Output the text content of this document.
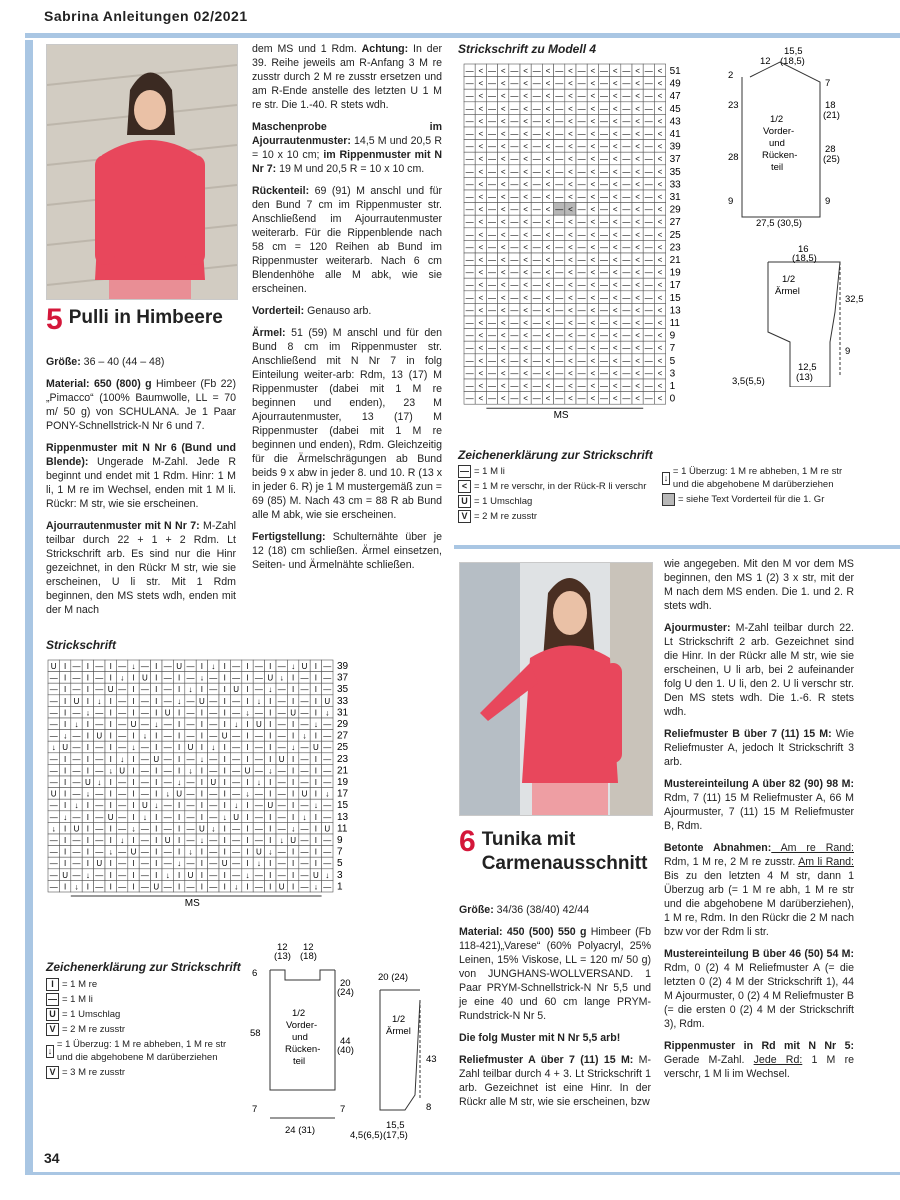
Sabrina Anleitungen 02/2021
34
5 Pulli in Himbeere

Größe: 36 – 40 (44 – 48)

Material: 650 (800) g Himbeer (Fb 22) „Pimacco“ (100% Baumwolle, LL = 70 m/ 50 g) von SCHULANA. Je 1 Paar PONY-Schnellstrick-N Nr 6 und 7.

Rippenmuster mit N Nr 6 (Bund und Blende): Ungerade M-Zahl. Jede R beginnt und endet mit 1 Rdm. Hinr: 1 M li, 1 M re im Wechsel, enden mit 1 M li. Rückr: M str, wie sie erscheinen.

Ajourrautenmuster mit N Nr 7: M-Zahl teilbar durch 22 + 1 + 2 Rdm. Lt Strickschrift arb. Es sind nur die Hinr gezeichnet, in den Rückr M str, wie sie erscheinen, U li str. Mit 1 Rdm beginnen, den MS stets wdh, enden mit der M nach

dem MS und 1 Rdm. Achtung: In der 39. Reihe jeweils am R-Anfang 3 M re zusstr durch 2 M re zusstr ersetzen und am R-Ende anstelle des letzten U 1 M re str. Die 1.-40. R stets wdh.

Maschenprobe im Ajourrautenmuster: 14,5 M und 20,5 R = 10 x 10 cm; im Rippenmuster mit N Nr 7: 19 M und 20,5 R = 10 x 10 cm.

Rückenteil: 69 (91) M anschl und für den Bund 7 cm im Rippenmuster str. Anschließend im Ajourrautenmuster weiterarb. Für die Rippenblende nach 58 cm = 120 Reihen ab Bund im Rippenmuster weiterarb. Nach 6 cm Blendenhöhe alle M abk, wie sie erscheinen.

Vorderteil: Genauso arb.

Ärmel: 51 (59) M anschl und für den Bund 8 cm im Rippenmuster str. Anschließend mit N Nr 7 in folg Einteilung weiter-arb: Rdm, 13 (17) M Rippenmuster (dabei mit 1 M re beginnen und enden), 23 M Ajourrautenmuster, 13 (17) M Rippenmuster (dabei mit 1 M re beginnen und enden), Rdm. Gleichzeitig für die Ärmelschrägungen ab Bund beids 9 x abw in jeder 8. und 10. R (13 x in jeder 6. R) je 1 M mustergemäß zun = 69 (85) M. Nach 43 cm = 88 R ab Bund alle M abk, wie sie erscheinen.

Fertigstellung: Schulternähte über je 12 (18) cm schließen. Ärmel einsetzen, Seiten- und Ärmelnähte schließen.

Strickschrift
U I — I — I — ↓ — I — U — I ↓ I — I — I — ↓ U I — 39
— I — I — I ↓ I U I — I — ↓ — I — I — U ↓ I — I — 37
— I — I — U — I — I — I ↓ I — I U I — ↓ — I — I — 35
— I U I ↓ I — I — I — ↓ — U — I — I ↓ I — I — I U 33
— I — ↓ — I — I — I U I — I — I — ↓ — I — U — I ↓ 31
— I ↓ I — I — U — ↓ — I — I — I ↓ I U I — I — ↓ — 29
— ↓ — I U I — I ↓ I — I — I — U — I — I — I ↓ I — 27
↓ U — I — I — ↓ — I — I U I ↓ I — I — I — ↓ — U — 25
— I — I — I ↓ I — U — I — ↓ — I — I — I U I — I — 23
— I — I — ↓ U I — I — I ↓ I — I — U — ↓ — I — I — 21
— I — U ↓ I — I — I — ↓ — I U I — I ↓ I — I — I — 19
U I — ↓ — I — I — I ↓ U — I — I — ↓ — I — I U I ↓ 17
— I ↓ I — I — I U ↓ — I — I — I ↓ I — U — I — ↓ — 15
— ↓ — I — U — I ↓ I — I — I — ↓ U I — I — I ↓ I — 13
↓ I U I — I — ↓ — I — I — U ↓ I — I — I — ↓ — I U 11
— I — I — I ↓ I — I U I — ↓ — I — I — I ↓ U — I — 9
— I — I — ↓ — U — I — I ↓ I — I — I U ↓ — I — I — 7
— I — I U I — I — I — ↓ — I — U — I ↓ I — I — I — 5
— U — ↓ — I — I — I ↓ I U I — I — ↓ — I — I — U ↓ 3
— I ↓ I — I — I — U — I — I — I ↓ I — I U I — ↓ — 1
MS
Zeichenerklärung zur Strickschrift
I = 1 M re
— = 1 M li
U = 1 Umschlag
V = 2 M re zusstr
↓
= 1 Überzug: 1 M re abheben, 1 M re str und die abgehobene M darüberziehen
V = 3 M re zusstr
12
(13)
12
(18)
6
58
7
20
(24)
44
(40)
7
24 (31)
1/2
Vorder-
und
Rücken-
teil
20 (24)
1/2
Ärmel
43
8
15,5
(17,5)
4,5(6,5)
Strickschrift zu Modell 4
— < — < — < — < — < — < — < — < — < 51
— < — < — < — < — < — < — < — < — < 49
— < — < — < — < — < — < — < — < — < 47
— < — < — < — < — < — < — < — < — < 45
— < — < — < — < — < — < — < — < — < 43
— < — < — < — < — < — < — < — < — < 41
— < — < — < — < — < — < — < — < — < 39
— < — < — < — < — < — < — < — < — < 37
— < — < — < — < — < — < — < — < — < 35
— < — < — < — < — < — < — < — < — < 33
— < — < — < — < — < — < — < — < — < 31
— < — < — < — < — < — < — < — < — < 29
— < — < — < — < — < — < — < — < — < 27
— < — < — < — < — < — < — < — < — < 25
— < — < — < — < — < — < — < — < — < 23
— < — < — < — < — < — < — < — < — < 21
— < — < — < — < — < — < — < — < — < 19
— < — < — < — < — < — < — < — < — < 17
— < — < — < — < — < — < — < — < — < 15
— < — < — < — < — < — < — < — < — < 13
— < — < — < — < — < — < — < — < — < 11
— < — < — < — < — < — < — < — < — < 9
— < — < — < — < — < — < — < — < — < 7
— < — < — < — < — < — < — < — < — < 5
— < — < — < — < — < — < — < — < — < 3
— < — < — < — < — < — < — < — < — < 1
— < — < — < — < — < — < — < — < — < 0
MS
12
15,5
(18,5)
2
23
28
9
7
18
(21)
28
(25)
9
27,5 (30,5)
1/2
Vorder-
und
Rücken-
teil
16
(18,5)
1/2
Ärmel
32,5
9
12,5
(13)
3,5(5,5)
Zeichenerklärung zur Strickschrift
— = 1 M li
< = 1 M re verschr, in der Rück-R li verschr
U = 1 Umschlag
V = 2 M re zusstr
↓
= 1 Überzug: 1 M re abheben, 1 M re str und die abgehobene M darüberziehen
= siehe Text Vorderteil für die 1. Gr
6 Tunika mit Carmenausschnitt

Größe: 34/36 (38/40) 42/44

Material: 450 (500) 550 g Himbeer (Fb 118-421)„Varese“ (60% Polyacryl, 25% Leinen, 15% Viskose, LL = 120 m/ 50 g) von JUNGHANS-WOLLVERSAND. 1 Paar PRYM-Schnellstrick-N Nr 5,5 und je eine 40 und 60 cm lange PRYM-Rundstrick-N Nr 5.

Die folg Muster mit N Nr 5,5 arb!

Reliefmuster A über 7 (11) 15 M: M-Zahl teilbar durch 4 + 3. Lt Strickschrift 1 arb. Gezeichnet ist eine Hinr. In der Rückr alle M str, wie sie erscheinen, bzw

wie angegeben. Mit den M vor dem MS beginnen, den MS 1 (2) 3 x str, mit der M nach dem MS enden. Die 1. und 2. R stets wdh.

Ajourmuster: M-Zahl teilbar durch 22. Lt Strickschrift 2 arb. Gezeichnet sind die Hinr. In der Rückr alle M str, wie sie erscheinen, U li arb, bei 2 aufeinander folg U den 1. U li, den 2. U li verschr str. Den MS stets wdh. Die 1.-6. R stets wdh.

Reliefmuster B über 7 (11) 15 M: Wie Reliefmuster A, jedoch lt Strickschrift 3 arb.

Mustereinteilung A über 82 (90) 98 M: Rdm, 7 (11) 15 M Reliefmuster A, 66 M Ajourmuster, 7 (11) 15 M Reliefmuster B, Rdm.

Betonte Abnahmen: Am re Rand: Rdm, 1 M re, 2 M re zusstr. Am li Rand: Bis zu den letzten 4 M str, dann 1 Überzug arb (= 1 M re abh, 1 M re str und die abgehobene M darüberziehen), 1 M re, Rdm. In den Rückr die 2 M nach bzw vor der Rdm li str.

Mustereinteilung B über 46 (50) 54 M: Rdm, 0 (2) 4 M Reliefmuster A (= die letzten 0 (2) 4 M der Strickschrift 1), 44 M Ajourmuster, 0 (2) 4 M Reliefmuster B (= die ersten 0 (2) 4 M der Strickschrift 3), Rdm.

Rippenmuster in Rd mit N Nr 5: Gerade M-Zahl. Jede Rd: 1 M re verschr, 1 M li im Wechsel.
